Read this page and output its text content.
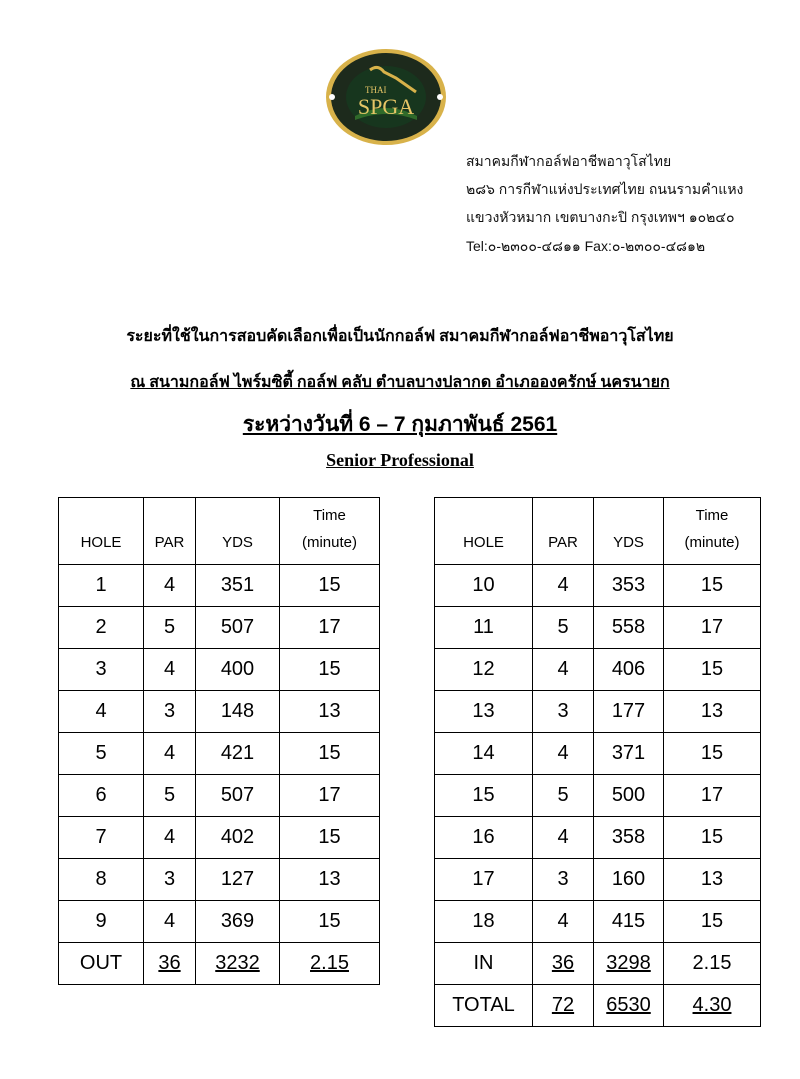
THAI
SPGA
สมาคมกีฬากอล์ฟอาชีพอาวุโสไทย
๒๘๖ การกีฬาแห่งประเทศไทย ถนนรามคำแหง
แขวงหัวหมาก เขตบางกะปิ กรุงเทพฯ ๑๐๒๔๐
Tel:๐-๒๓๐๐-๔๘๑๑ Fax:๐-๒๓๐๐-๔๘๑๒
ระยะที่ใช้ในการสอบคัดเลือกเพื่อเป็นนักกอล์ฟ สมาคมกีฬากอล์ฟอาชีพอาวุโสไทย
ณ สนามกอล์ฟ ไพร์มซิตี้ กอล์ฟ คลับ ตำบลบางปลากด อำเภอองครักษ์ นครนายก
ระหว่างวันที่ 6 – 7 กุมภาพันธ์ 2561
Senior Professional
HOLE	PAR	YDS	Time
(minute)
1	4	351	15
2	5	507	17
3	4	400	15
4	3	148	13
5	4	421	15
6	5	507	17
7	4	402	15
8	3	127	13
9	4	369	15
OUT	36	3232	2.15
HOLE	PAR	YDS	Time
(minute)
10	4	353	15
11	5	558	17
12	4	406	15
13	3	177	13
14	4	371	15
15	5	500	17
16	4	358	15
17	3	160	13
18	4	415	15
IN	36	3298	2.15
TOTAL	72	6530	4.30
